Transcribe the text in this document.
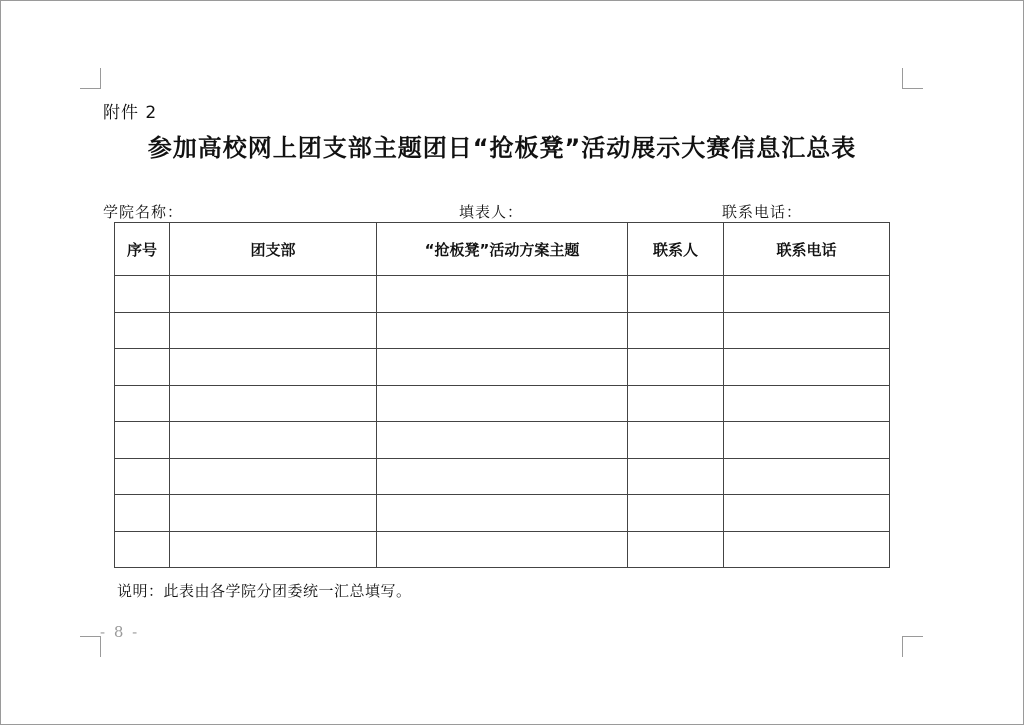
附件 2
参加高校网上团支部主题团日“抢板凳”活动展示大赛信息汇总表
学院名称：	填表人：	联系电话：
序号	团支部	“抢板凳”活动方案主题	联系人	联系电话

说明：此表由各学院分团委统一汇总填写。
- 8 -
